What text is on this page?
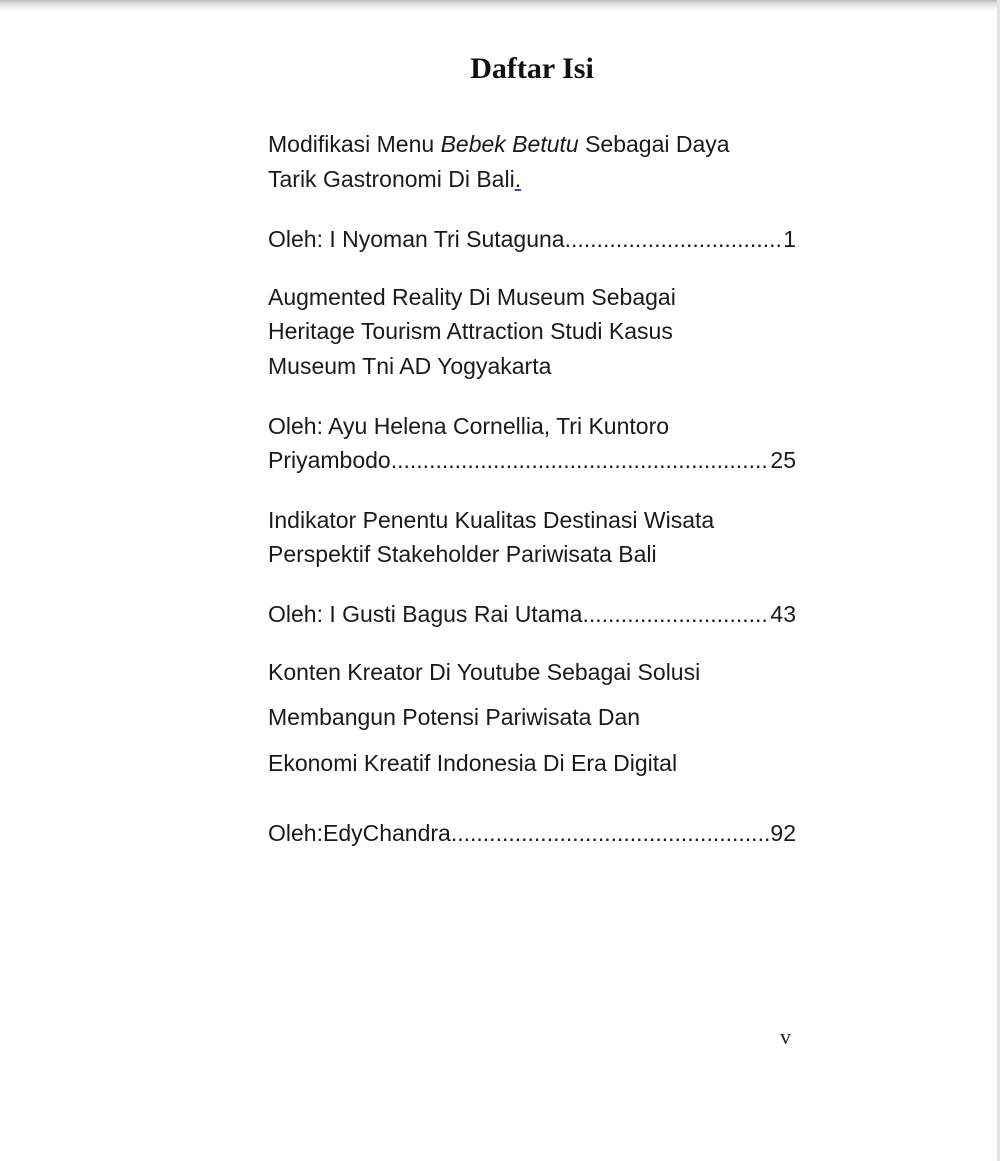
Daftar Isi
Modifikasi Menu Bebek Betutu Sebagai Daya
Tarik Gastronomi Di Bali.
Oleh: I Nyoman Tri Sutaguna .....	1
Augmented Reality Di Museum Sebagai
Heritage Tourism Attraction Studi Kasus
Museum Tni AD Yogyakarta
Oleh: Ayu Helena Cornellia, Tri Kuntoro
Priyambodo .....	25
Indikator Penentu Kualitas Destinasi Wisata
Perspektif Stakeholder Pariwisata Bali
Oleh: I Gusti Bagus Rai Utama .....	43
Konten Kreator Di Youtube Sebagai Solusi
Membangun Potensi Pariwisata Dan
Ekonomi Kreatif Indonesia Di Era Digital
Oleh:EdyChandra .....	92
v
